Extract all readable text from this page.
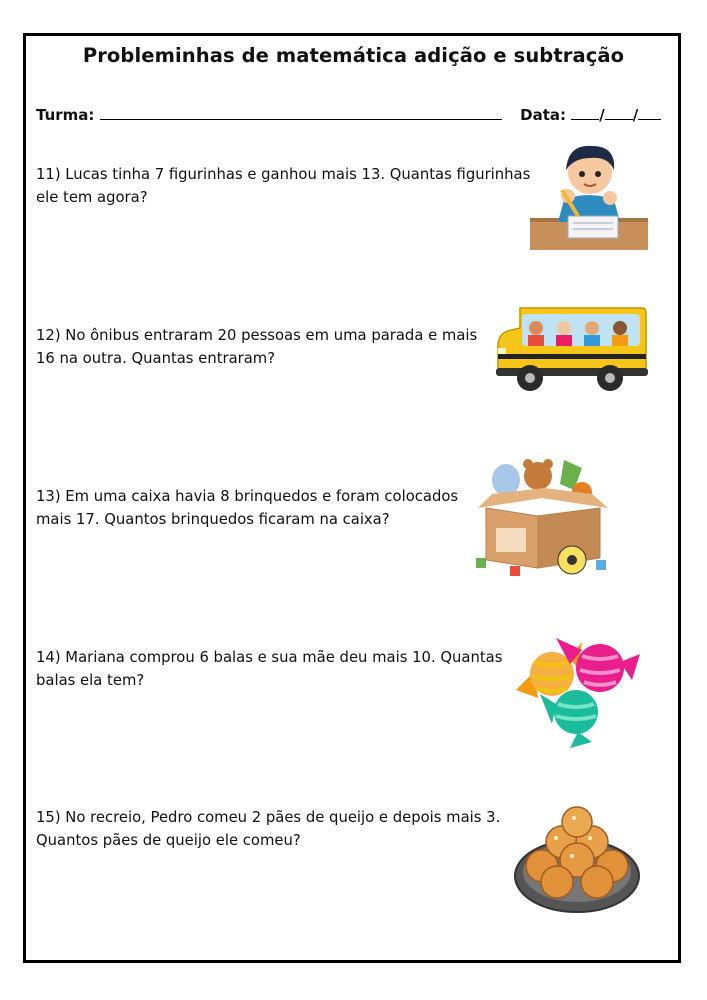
Probleminhas de matemática adição e subtração
Turma:	Data: / /
11) Lucas tinha 7 figurinhas e ganhou mais 13. Quantas figurinhas
ele tem agora?
12) No ônibus entraram 20 pessoas em uma parada e mais
16 na outra. Quantas entraram?
13) Em uma caixa havia 8 brinquedos e foram colocados
mais 17. Quantos brinquedos ficaram na caixa?
14) Mariana comprou 6 balas e sua mãe deu mais 10. Quantas
balas ela tem?
15) No recreio, Pedro comeu 2 pães de queijo e depois mais 3.
Quantos pães de queijo ele comeu?
